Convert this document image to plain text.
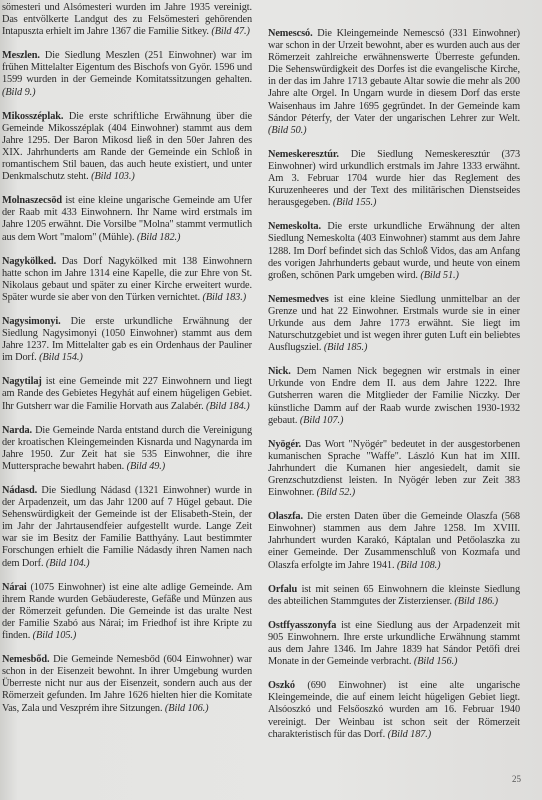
sömesteri und Alsómesteri wurden im Jahre 1935 vereinigt. Das entvölkerte Landgut des zu Felsömesteri gehörenden Intapuszta erhielt im Jahre 1367 die Familie Sitkey. (Bild 47.)

Meszlen. Die Siedlung Meszlen (251 Einwohner) war im frühen Mittelalter Eigentum des Bischofs von Györ. 1596 und 1599 wurden in der Gemeinde Komitatssitzungen gehalten. (Bild 9.)

Mikosszéplak. Die erste schriftliche Erwähnung über die Gemeinde Mikosszéplak (404 Einwohner) stammt aus dem Jahre 1295. Der Baron Mikosd ließ in den 50er Jahren des XIX. Jahrhunderts am Rande der Gemeinde ein Schloß in romantischem Stil bauen, das auch heute existiert, und unter Denkmalschutz steht. (Bild 103.)

Molnaszecsöd ist eine kleine ungarische Gemeinde am Ufer der Raab mit 433 Einwohnern. Ihr Name wird erstmals im Jahre 1205 erwähnt. Die Vorsilbe "Molna" stammt vermutlich aus dem Wort "malom" (Mühle). (Bild 182.)

Nagykölked. Das Dorf Nagykölked mit 138 Einwohnern hatte schon im Jahre 1314 eine Kapelle, die zur Ehre von St. Nikolaus gebaut und später zu einer Kirche erweitert wurde. Später wurde sie aber von den Türken vernichtet. (Bild 183.)

Nagysimonyi. Die erste urkundliche Erwähnung der Siedlung Nagysimonyi (1050 Einwohner) stammt aus dem Jahre 1237. Im Mittelalter gab es ein Ordenhaus der Pauliner im Dorf. (Bild 154.)

Nagytilaj ist eine Gemeinde mit 227 Einwohnern und liegt am Rande des Gebietes Hegyhát auf einem hügeligen Gebiet. Ihr Gutsherr war die Familie Horvath aus Zalabér. (Bild 184.)

Narda. Die Gemeinde Narda entstand durch die Vereinigung der kroatischen Kleingemeinden Kisnarda und Nagynarda im Jahre 1950. Zur Zeit hat sie 535 Einwohner, die ihre Muttersprache bewahrt haben. (Bild 49.)

Nádasd. Die Siedlung Nádasd (1321 Einwohner) wurde in der Arpadenzeit, um das Jahr 1200 auf 7 Hügel gebaut. Die Sehenswürdigkeit der Gemeinde ist der Elisabeth-Stein, der im Jahr der Jahrtausendfeier aufgestellt wurde. Lange Zeit war sie im Besitz der Familie Batthyány. Laut bestimmter Forschungen erhielt die Familie Nádasdy ihren Namen nach dem Dorf. (Bild 104.)

Nárai (1075 Einwohner) ist eine alte adlige Gemeinde. Am ihrem Rande wurden Gebäudereste, Gefäße und Münzen aus der Römerzeit gefunden. Die Gemeinde ist das uralte Nest der Familie Szabó aus Nárai; im Friedhof ist ihre Kripte zu finden. (Bild 105.)

Nemesbőd. Die Gemeinde Nemesbőd (604 Einwohner) war schon in der Eisenzeit bewohnt. In ihrer Umgebung wurden Überreste nicht nur aus der Eisenzeit, sondern auch aus der Römerzeit gefunden. Im Jahre 1626 hielten hier die Komitate Vas, Zala und Veszprém ihre Sitzungen. (Bild 106.)

Nemescsó. Die Kleingemeinde Nemescsó (331 Einwohner) war schon in der Urzeit bewohnt, aber es wurden auch aus der Römerzeit zahlreiche erwähnenswerte Überreste gefunden. Die Sehenswürdigkeit des Dorfes ist die evangelische Kirche, in der das im Jahre 1713 gebaute Altar sowie die mehr als 200 Jahre alte Orgel. In Ungarn wurde in diesem Dorf das erste Waisenhaus im Jahre 1695 gegründet. In der Gemeinde kam Sándor Péterfy, der Vater der ungarischen Lehrer zur Welt. (Bild 50.)

Nemeskeresztúr. Die Siedlung Nemeskeresztúr (373 Einwohner) wird urkundlich erstmals im Jahre 1333 erwähnt. Am 3. Februar 1704 wurde hier das Reglement des Kuruzenheeres und der Text des militärischen Dienstseides herausgegeben. (Bild 155.)

Nemeskolta. Die erste urkundliche Erwähnung der alten Siedlung Nemeskolta (403 Einwohner) stammt aus dem Jahre 1288. Im Dorf befindet sich das Schloß Vidos, das am Anfang des vorigen Jahrhunderts gebaut wurde, und heute von einem großen, schönen Park umgeben wird. (Bild 51.)

Nemesmedves ist eine kleine Siedlung unmittelbar an der Grenze und hat 22 Einwohner. Erstmals wurde sie in einer Urkunde aus dem Jahre 1773 erwähnt. Sie liegt im Naturschutzgebiet und ist wegen ihrer guten Luft ein beliebtes Ausflugsziel. (Bild 185.)

Nick. Dem Namen Nick begegnen wir erstmals in einer Urkunde von Endre dem II. aus dem Jahre 1222. Ihre Gutsherren waren die Mitglieder der Familie Niczky. Der künstliche Damm auf der Raab wurde zwischen 1930-1932 gebaut. (Bild 107.)

Nyögér. Das Wort "Nyögér" bedeutet in der ausgestorbenen kumanischen Sprache "Waffe". László Kun hat im XIII. Jahrhundert die Kumanen hier angesiedelt, damit sie Grenzschutzdienst leisten. In Nyögér leben zur Zeit 383 Einwohner. (Bild 52.)

Olaszfa. Die ersten Daten über die Gemeinde Olaszfa (568 Einwohner) stammen aus dem Jahre 1258. Im XVIII. Jahrhundert wurden Karakó, Káptalan und Petőolaszka zu einer Gemeinde. Der Zusammenschluß von Kozmafa und Olaszfa erfolgte im Jahre 1941. (Bild 108.)

Orfalu ist mit seinen 65 Einwohnern die kleinste Siedlung des abteilichen Stammgutes der Zisterzienser. (Bild 186.)

Ostffyasszonyfa ist eine Siedlung aus der Arpadenzeit mit 905 Einwohnern. Ihre erste urkundliche Erwähnung stammt aus dem Jahre 1346. Im Jahre 1839 hat Sándor Petőfi drei Monate in der Gemeinde verbracht. (Bild 156.)

Oszkó (690 Einwohner) ist eine alte ungarische Kleingemeinde, die auf einem leicht hügeligen Gebiet liegt. Alsóoszkó und Felsőoszkó wurden am 16. Februar 1940 vereinigt. Der Weinbau ist schon seit der Römerzeit charakteristisch für das Dorf. (Bild 187.)

25
